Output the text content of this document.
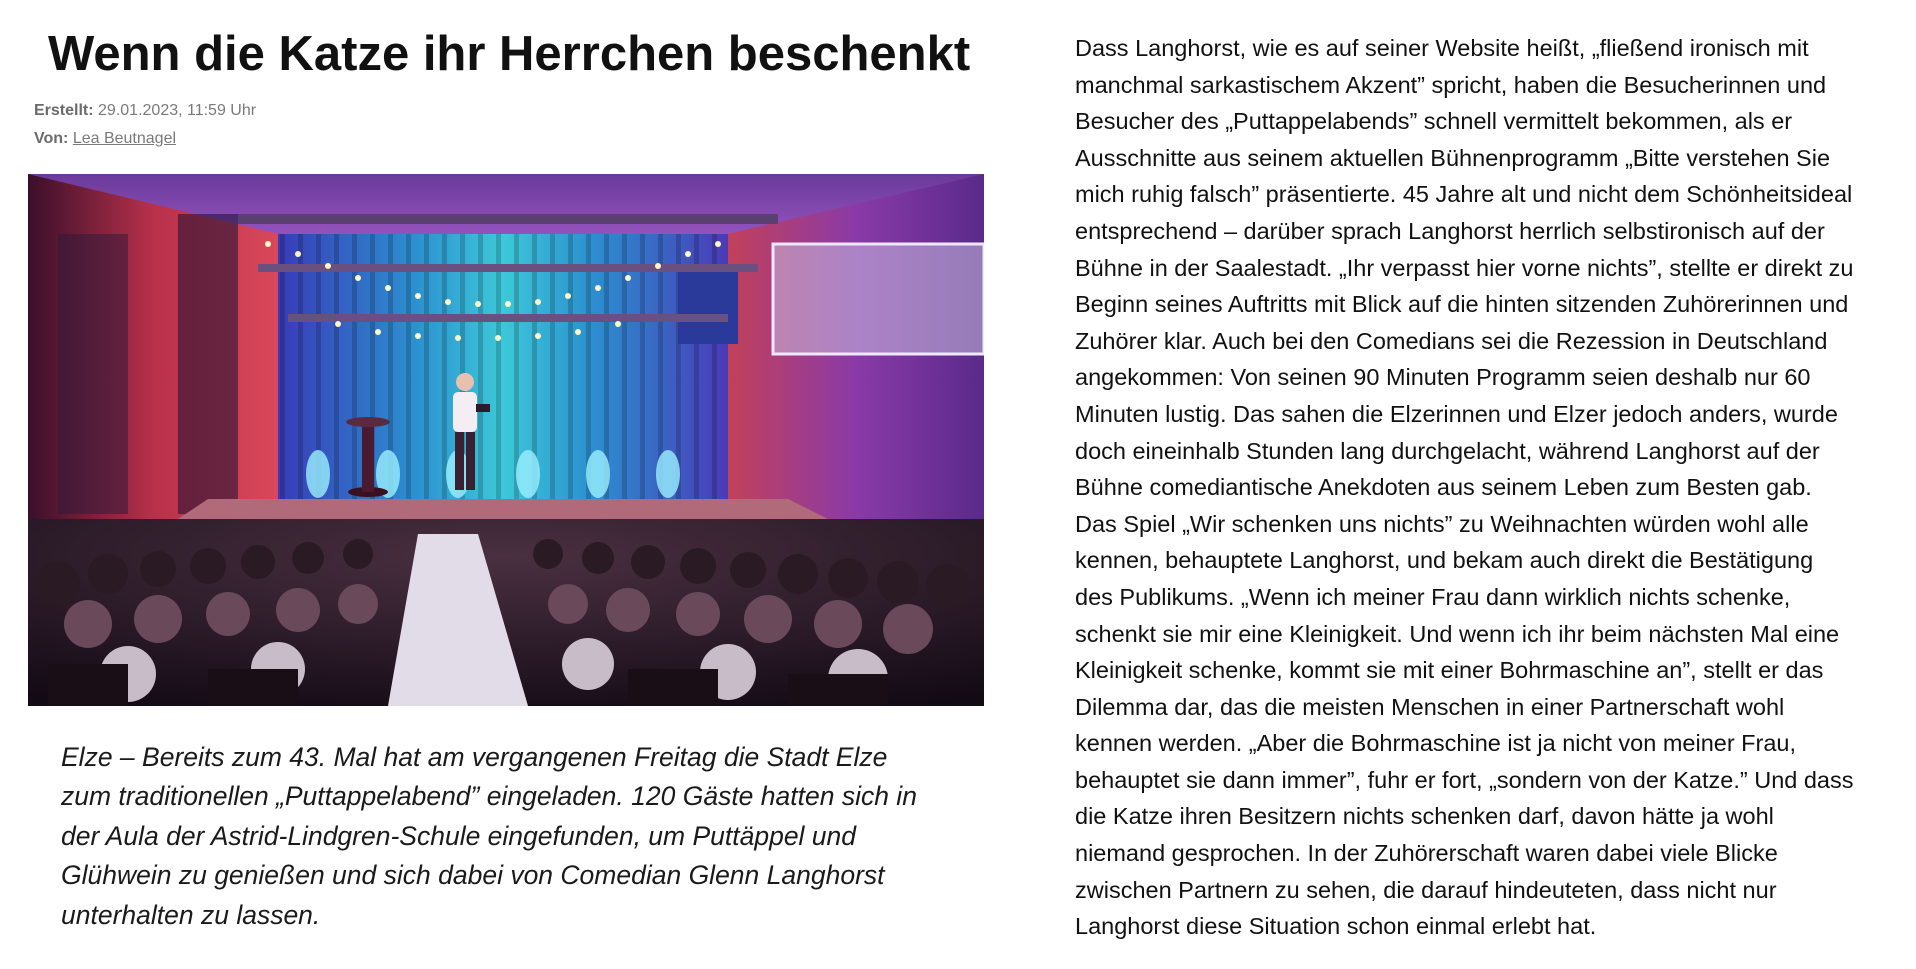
Wenn die Katze ihr Herrchen beschenkt
Erstellt: 29.01.2023, 11:59 Uhr
Von: Lea Beutnagel

Elze – Bereits zum 43. Mal hat am vergangenen Freitag die Stadt Elze
zum traditionellen „Puttappelabend” eingeladen. 120 Gäste hatten sich in
der Aula der Astrid-Lindgren-Schule eingefunden, um Puttäppel und
Glühwein zu genießen und sich dabei von Comedian Glenn Langhorst
unterhalten zu lassen.

Dass Langhorst, wie es auf seiner Website heißt, „fließend ironisch mit
manchmal sarkastischem Akzent” spricht, haben die Besucherinnen und
Besucher des „Puttappelabends” schnell vermittelt bekommen, als er
Ausschnitte aus seinem aktuellen Bühnenprogramm „Bitte verstehen Sie
mich ruhig falsch” präsentierte. 45 Jahre alt und nicht dem Schönheitsideal
entsprechend – darüber sprach Langhorst herrlich selbstironisch auf der
Bühne in der Saalestadt. „Ihr verpasst hier vorne nichts”, stellte er direkt zu
Beginn seines Auftritts mit Blick auf die hinten sitzenden Zuhörerinnen und
Zuhörer klar. Auch bei den Comedians sei die Rezession in Deutschland
angekommen: Von seinen 90 Minuten Programm seien deshalb nur 60
Minuten lustig. Das sahen die Elzerinnen und Elzer jedoch anders, wurde
doch eineinhalb Stunden lang durchgelacht, während Langhorst auf der
Bühne comediantische Anekdoten aus seinem Leben zum Besten gab.
Das Spiel „Wir schenken uns nichts” zu Weihnachten würden wohl alle
kennen, behauptete Langhorst, und bekam auch direkt die Bestätigung
des Publikums. „Wenn ich meiner Frau dann wirklich nichts schenke,
schenkt sie mir eine Kleinigkeit. Und wenn ich ihr beim nächsten Mal eine
Kleinigkeit schenke, kommt sie mit einer Bohrmaschine an”, stellt er das
Dilemma dar, das die meisten Menschen in einer Partnerschaft wohl
kennen werden. „Aber die Bohrmaschine ist ja nicht von meiner Frau,
behauptet sie dann immer”, fuhr er fort, „sondern von der Katze.” Und dass
die Katze ihren Besitzern nichts schenken darf, davon hätte ja wohl
niemand gesprochen. In der Zuhörerschaft waren dabei viele Blicke
zwischen Partnern zu sehen, die darauf hindeuteten, dass nicht nur
Langhorst diese Situation schon einmal erlebt hat.
